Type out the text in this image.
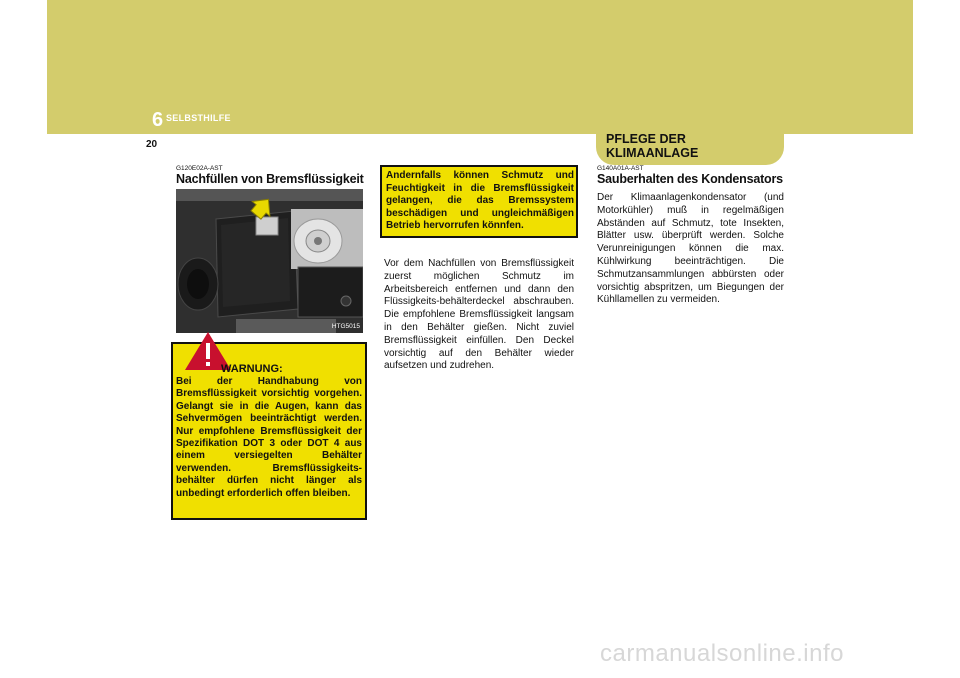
6 SELBSTHILFE
20	PFLEGE DER KLIMAANLAGE
G120E02A-AST
Nachfüllen von Bremsflüssigkeit
HTG5015
WARNUNG:
Bei der Handhabung von Bremsflüssigkeit vorsichtig vorgehen. Gelangt sie in die Augen, kann das Sehvermögen beeinträchtigt werden. Nur empfohlene Bremsflüssigkeit der Spezifikation DOT 3 oder DOT 4 aus einem versiegelten Behälter verwenden. Bremsflüssigkeits-behälter dürfen nicht länger als unbedingt erforderlich offen bleiben.
Andernfalls können Schmutz und Feuchtigkeit in die Bremsflüssigkeit gelangen, die das Bremssystem beschädigen und ungleichmäßigen Betrieb hervorrufen könnfen.
Vor dem Nachfüllen von Bremsflüssigkeit zuerst möglichen Schmutz im Arbeitsbereich entfernen und dann den Flüssigkeits-behälterdeckel abschrauben. Die empfohlene Bremsflüssigkeit langsam in den Behälter gießen. Nicht zuviel Bremsflüssigkeit einfüllen. Den Deckel vorsichtig auf den Behälter wieder aufsetzen und zudrehen.
G140A01A-AST
Sauberhalten des Kondensators
Der Klimaanlagenkondensator (und Motorkühler) muß in regelmäßigen Abständen auf Schmutz, tote Insekten, Blätter usw. überprüft werden. Solche Verunreinigungen können die max. Kühlwirkung beeinträchtigen. Die Schmutzansammlungen abbürsten oder vorsichtig abspritzen, um Biegungen der Kühllamellen zu vermeiden.
carmanualsonline.info
